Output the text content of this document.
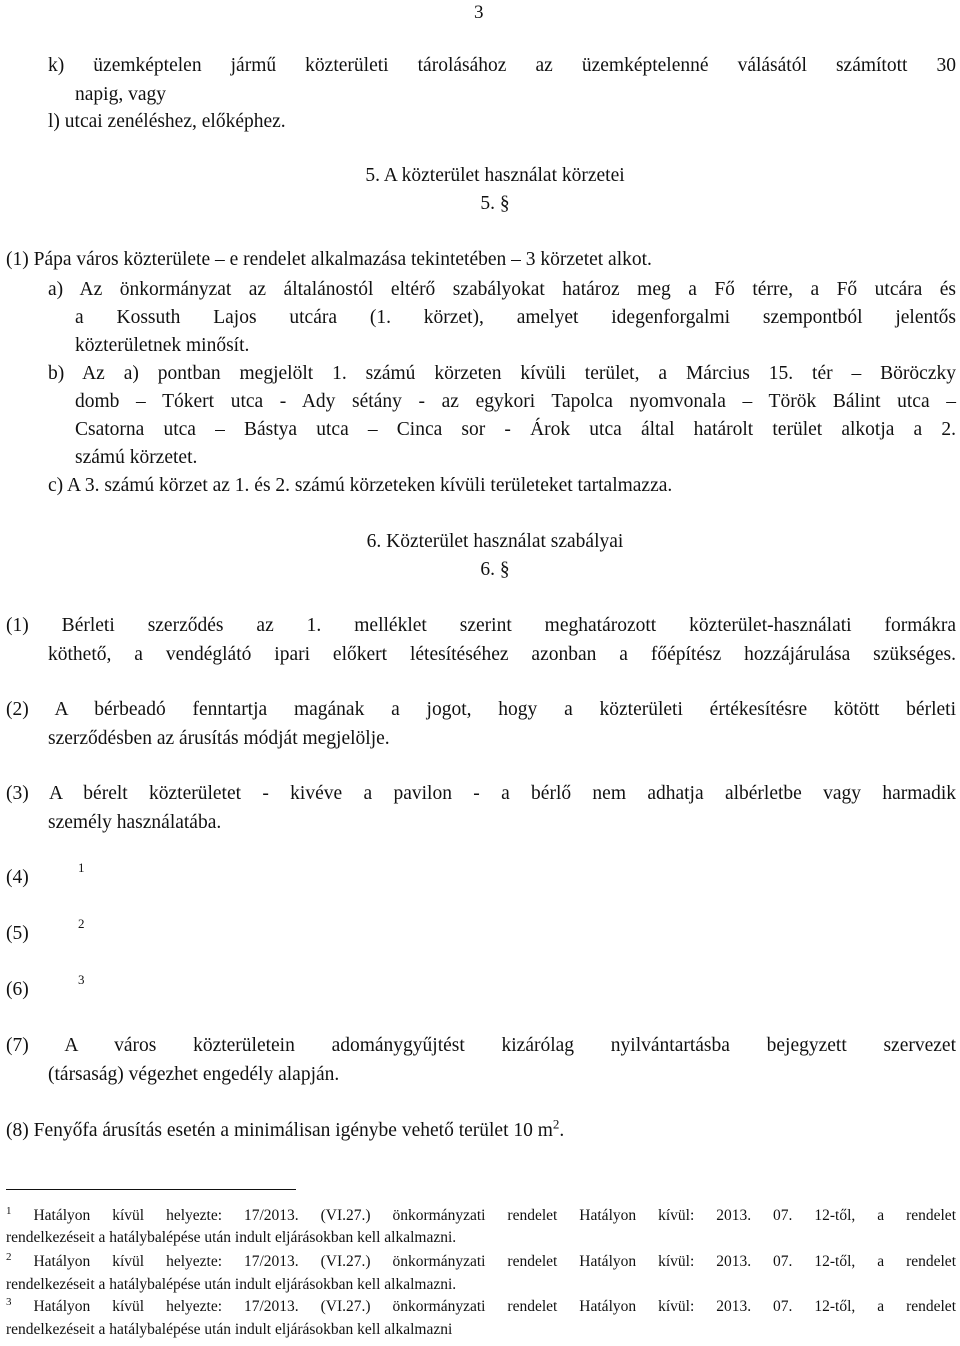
3
k) üzemképtelen jármű közterületi tárolásához az üzemképtelenné válásától számított 30
napig, vagy
l) utcai zenéléshez, előképhez.
5. A közterület használat körzetei
5. §
(1) Pápa város közterülete – e rendelet alkalmazása tekintetében – 3 körzetet alkot.
a) Az önkormányzat az általánostól eltérő szabályokat határoz meg a Fő térre, a Fő utcára és
a Kossuth Lajos utcára (1. körzet), amelyet idegenforgalmi szempontból jelentős
közterületnek minősít.
b) Az a) pontban megjelölt 1. számú körzeten kívüli terület, a Március 15. tér – Böröczky
domb – Tókert utca - Ady sétány - az egykori Tapolca nyomvonala – Török Bálint utca –
Csatorna utca – Bástya utca – Cinca sor - Árok utca által határolt terület alkotja a 2.
számú körzetet.
c) A 3. számú körzet az 1. és 2. számú körzeteken kívüli területeket tartalmazza.
6. Közterület használat szabályai
6. §
(1) Bérleti szerződés az 1. melléklet szerint meghatározott közterület-használati formákra
köthető, a vendéglátó ipari előkert létesítéséhez azonban a főépítész hozzájárulása szükséges.
(2) A bérbeadó fenntartja magának a jogot, hogy a közterületi értékesítésre kötött bérleti
szerződésben az árusítás módját megjelölje.
(3) A bérelt közterületet - kivéve a pavilon - a bérlő nem adhatja albérletbe vagy harmadik
személy használatába.
(4)	1
(5)	2
(6)	3
(7) A város közterületein adománygyűjtést kizárólag nyilvántartásba bejegyzett szervezet
(társaság) végezhet engedély alapján.
(8) Fenyőfa árusítás esetén a minimálisan igénybe vehető terület 10 $m^2$.
$^1$ Hatályon kívül helyezte: 17/2013. (VI.27.) önkormányzati rendelet Hatályon kívül: 2013. 07. 12-től, a rendelet
rendelkezéseit a hatálybalépése után indult eljárásokban kell alkalmazni.
$^2$ Hatályon kívül helyezte: 17/2013. (VI.27.) önkormányzati rendelet Hatályon kívül: 2013. 07. 12-től, a rendelet
rendelkezéseit a hatálybalépése után indult eljárásokban kell alkalmazni.
$^3$ Hatályon kívül helyezte: 17/2013. (VI.27.) önkormányzati rendelet Hatályon kívül: 2013. 07. 12-től, a rendelet
rendelkezéseit a hatálybalépése után indult eljárásokban kell alkalmazni
